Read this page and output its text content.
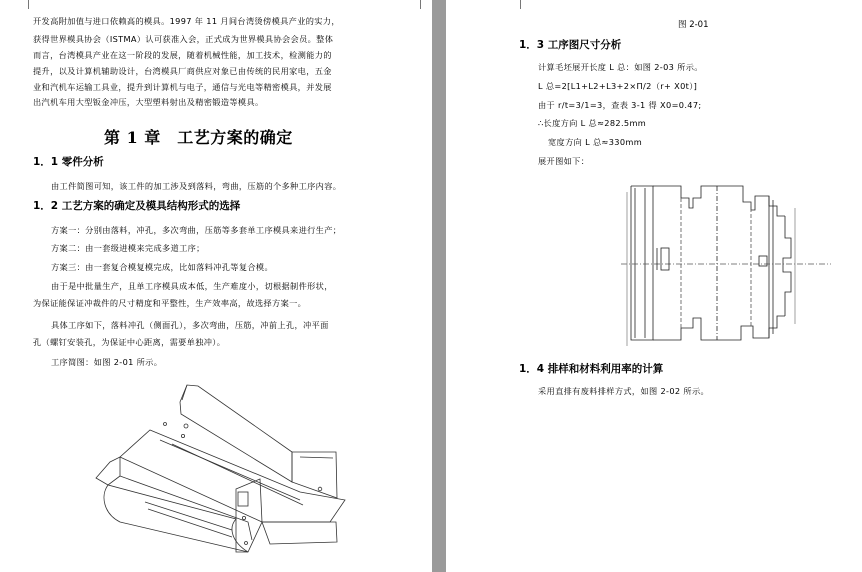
开发高附加值与进口依赖高的模具。1997 年 11 月间台湾烫傍模具产业的实力，
获得世界模具协会（ISTMA）认可获准入会，正式成为世界模具协会会员。整体
而言，台湾模具产业在这一阶段的发展，随着机械性能，加工技术，检测能力的
提升，以及计算机辅助设计，台湾模具厂商供应对象已由传统的民用家电，五金
业和汽机车运输工具业，提升到计算机与电子，通信与光电等精密模具，并发展
出汽机车用大型钣金冲压，大型塑料射出及精密锻造等模具。
第 1 章　工艺方案的确定
1．1 零件分析
由工件简图可知，该工件的加工涉及到落料，弯曲，压筋的个多种工序内容。
1．2 工艺方案的确定及模具结构形式的选择
方案一：分别由落料，冲孔，多次弯曲，压筋等多套单工序模具来进行生产；
方案二：由一套级进模来完成多道工序；
方案三：由一套复合模复模完成，比如落料冲孔等复合模。
由于是中批量生产，且单工序模具成本低，生产难度小，切根据制件形状，
为保证能保证冲裁件的尺寸精度和平整性，生产效率高，故选择方案一。
具体工序如下，落料冲孔（侧面孔），多次弯曲，压筋，冲前上孔，冲平面
孔（螺钉安装孔，为保证中心距离，需要单独冲）。
工序简图：如图 2-01 所示。
图 2-01
1．3 工序图尺寸分析
计算毛坯展开长度 L 总：如图 2-03 所示。
L 总=2[L1+L2+L3+2×Π/2（r+ X0t）]
由于 r/t=3/1=3，查表 3-1 得 X0=0.47;
∴长度方向 L 总≈282.5mm
宽度方向 L 总≈330mm
展开图如下：
1．4 排样和材料利用率的计算
采用直排有废料排样方式，如图 2-02 所示。
